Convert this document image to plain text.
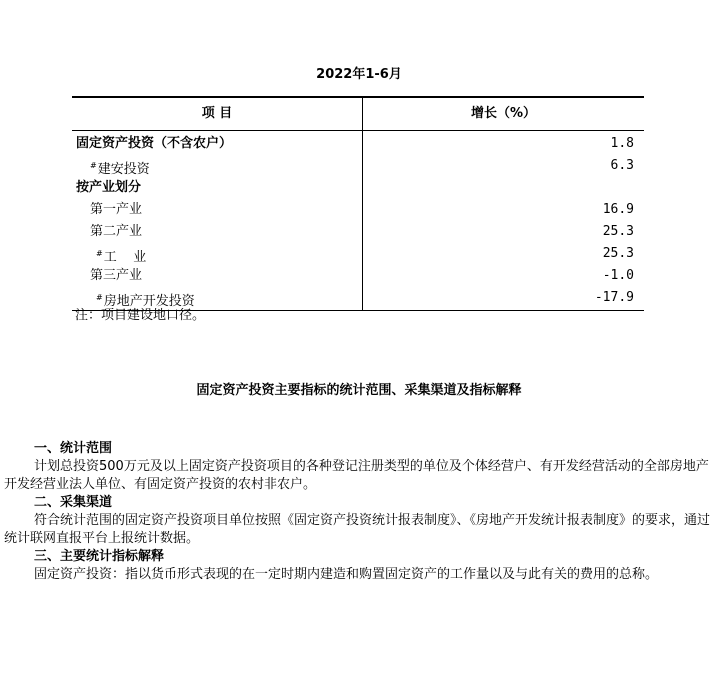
2022年1-6月
项 目	增长（%）
固定资产投资（不含农户）	1.8
#建安投资	6.3
按产业划分
第一产业	16.9
第二产业	25.3
#工    业	25.3
第三产业	-1.0
#房地产开发投资	-17.9
注：项目建设地口径。
固定资产投资主要指标的统计范围、采集渠道及指标解释
一、统计范围
计划总投资500万元及以上固定资产投资项目的各种登记注册类型的单位及个体经营户、有开发经营活动的全部房地产开发经营业法人单位、有固定资产投资的农村非农户。
二、采集渠道
符合统计范围的固定资产投资项目单位按照《固定资产投资统计报表制度》、《房地产开发统计报表制度》的要求，通过统计联网直报平台上报统计数据。
三、主要统计指标解释
固定资产投资：指以货币形式表现的在一定时期内建造和购置固定资产的工作量以及与此有关的费用的总称。
